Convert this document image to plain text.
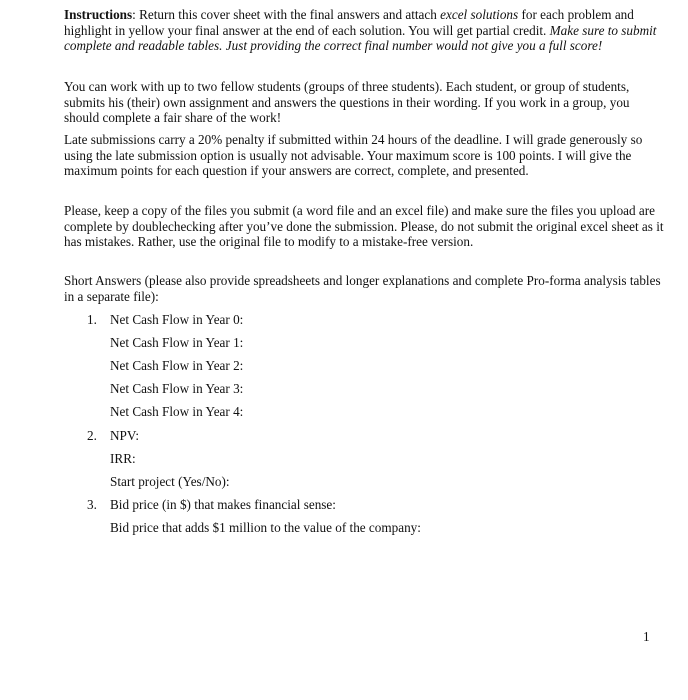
Instructions: Return this cover sheet with the final answers and attach excel solutions for each problem and highlight in yellow your final answer at the end of each solution. You will get partial credit. Make sure to submit complete and readable tables. Just providing the correct final number would not give you a full score!

You can work with up to two fellow students (groups of three students). Each student, or group of students, submits his (their) own assignment and answers the questions in their wording. If you work in a group, you should complete a fair share of the work!

Late submissions carry a 20% penalty if submitted within 24 hours of the deadline. I will grade generously so using the late submission option is usually not advisable. Your maximum score is 100 points. I will give the maximum points for each question if your answers are correct, complete, and presented.

Please, keep a copy of the files you submit (a word file and an excel file) and make sure the files you upload are complete by doublechecking after you’ve done the submission. Please, do not submit the original excel sheet as it has mistakes. Rather, use the original file to modify to a mistake-free version.

Short Answers (please also provide spreadsheets and longer explanations and complete Pro-forma analysis tables in a separate file):

1. Net Cash Flow in Year 0:
Net Cash Flow in Year 1:
Net Cash Flow in Year 2:
Net Cash Flow in Year 3:
Net Cash Flow in Year 4:
2. NPV:
IRR:
Start project (Yes/No):
3. Bid price (in $) that makes financial sense:
Bid price that adds $1 million to the value of the company:
1
